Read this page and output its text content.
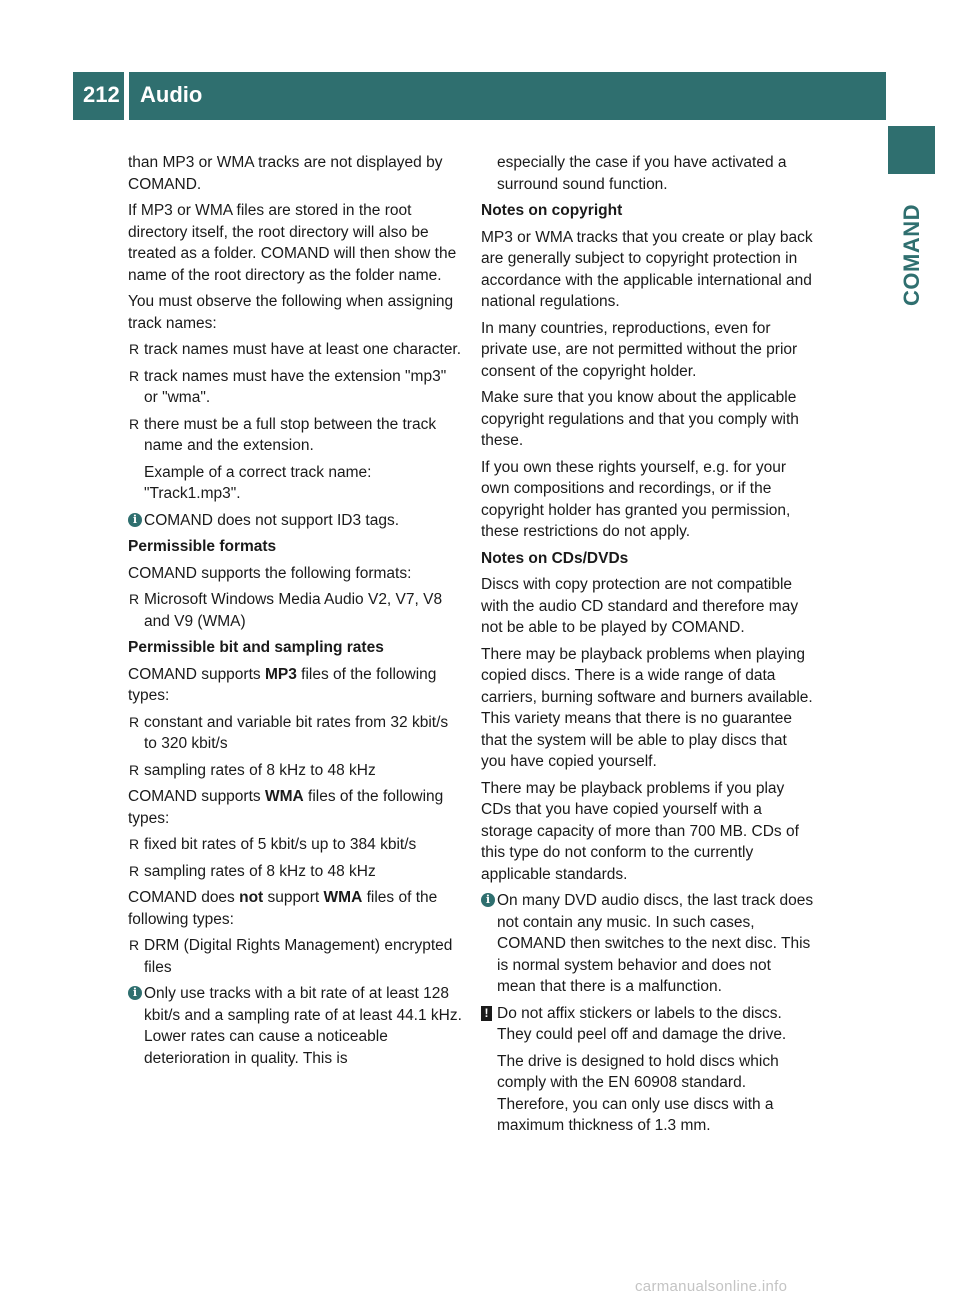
212 Audio
COMAND

than MP3 or WMA tracks are not displayed by COMAND.

If MP3 or WMA files are stored in the root directory itself, the root directory will also be treated as a folder. COMAND will then show the name of the root directory as the folder name.

You must observe the following when assigning track names:

R track names must have at least one character.

R track names must have the extension "mp3" or "wma".

R there must be a full stop between the track name and the extension.

Example of a correct track name:
"Track1.mp3".

i COMAND does not support ID3 tags.

Permissible formats

COMAND supports the following formats:

R Microsoft Windows Media Audio V2, V7, V8 and V9 (WMA)

Permissible bit and sampling rates

COMAND supports MP3 files of the following types:

R constant and variable bit rates from 32 kbit/s to 320 kbit/s

R sampling rates of 8 kHz to 48 kHz

COMAND supports WMA files of the following types:

R fixed bit rates of 5 kbit/s up to 384 kbit/s

R sampling rates of 8 kHz to 48 kHz

COMAND does not support WMA files of the following types:

R DRM (Digital Rights Management) encrypted files

i Only use tracks with a bit rate of at least 128 kbit/s and a sampling rate of at least 44.1 kHz. Lower rates can cause a noticeable deterioration in quality. This is

especially the case if you have activated a surround sound function.

Notes on copyright

MP3 or WMA tracks that you create or play back are generally subject to copyright protection in accordance with the applicable international and national regulations.

In many countries, reproductions, even for private use, are not permitted without the prior consent of the copyright holder.

Make sure that you know about the applicable copyright regulations and that you comply with these.

If you own these rights yourself, e.g. for your own compositions and recordings, or if the copyright holder has granted you permission, these restrictions do not apply.

Notes on CDs/DVDs

Discs with copy protection are not compatible with the audio CD standard and therefore may not be able to be played by COMAND.

There may be playback problems when playing copied discs. There is a wide range of data carriers, burning software and burners available. This variety means that there is no guarantee that the system will be able to play discs that you have copied yourself.

There may be playback problems if you play CDs that you have copied yourself with a storage capacity of more than 700 MB. CDs of this type do not conform to the currently applicable standards.

i On many DVD audio discs, the last track does not contain any music. In such cases, COMAND then switches to the next disc. This is normal system behavior and does not mean that there is a malfunction.

! Do not affix stickers or labels to the discs. They could peel off and damage the drive.

The drive is designed to hold discs which comply with the EN 60908 standard. Therefore, you can only use discs with a maximum thickness of 1.3 mm.

carmanualsonline.info
